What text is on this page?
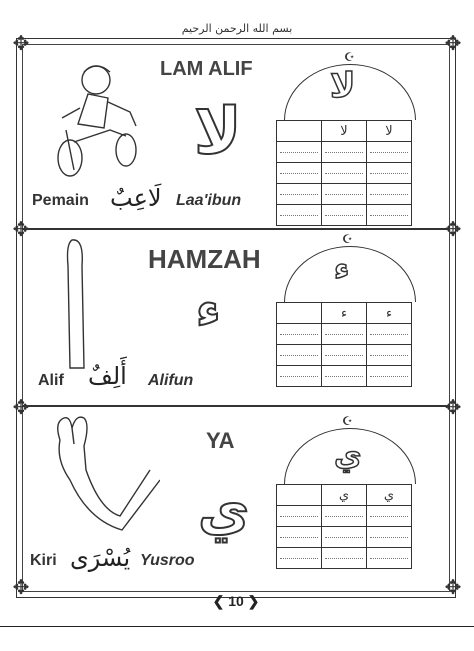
بسم الله الرحمن الرحيم
✥	✥
✥	✥
✥	✥
✥	✥
LAM ALIF
لا
Pemain لَاعِبٌ Laa'ibun
☪
لا
	لا	لا

HAMZAH
ء
Alif أَلِفٌ Alifun
☪
ء
	ء	ء

YA
ي
Kiri يُسْرَى Yusroo
☪
ي
	ي	ي

❮ 10 ❯
